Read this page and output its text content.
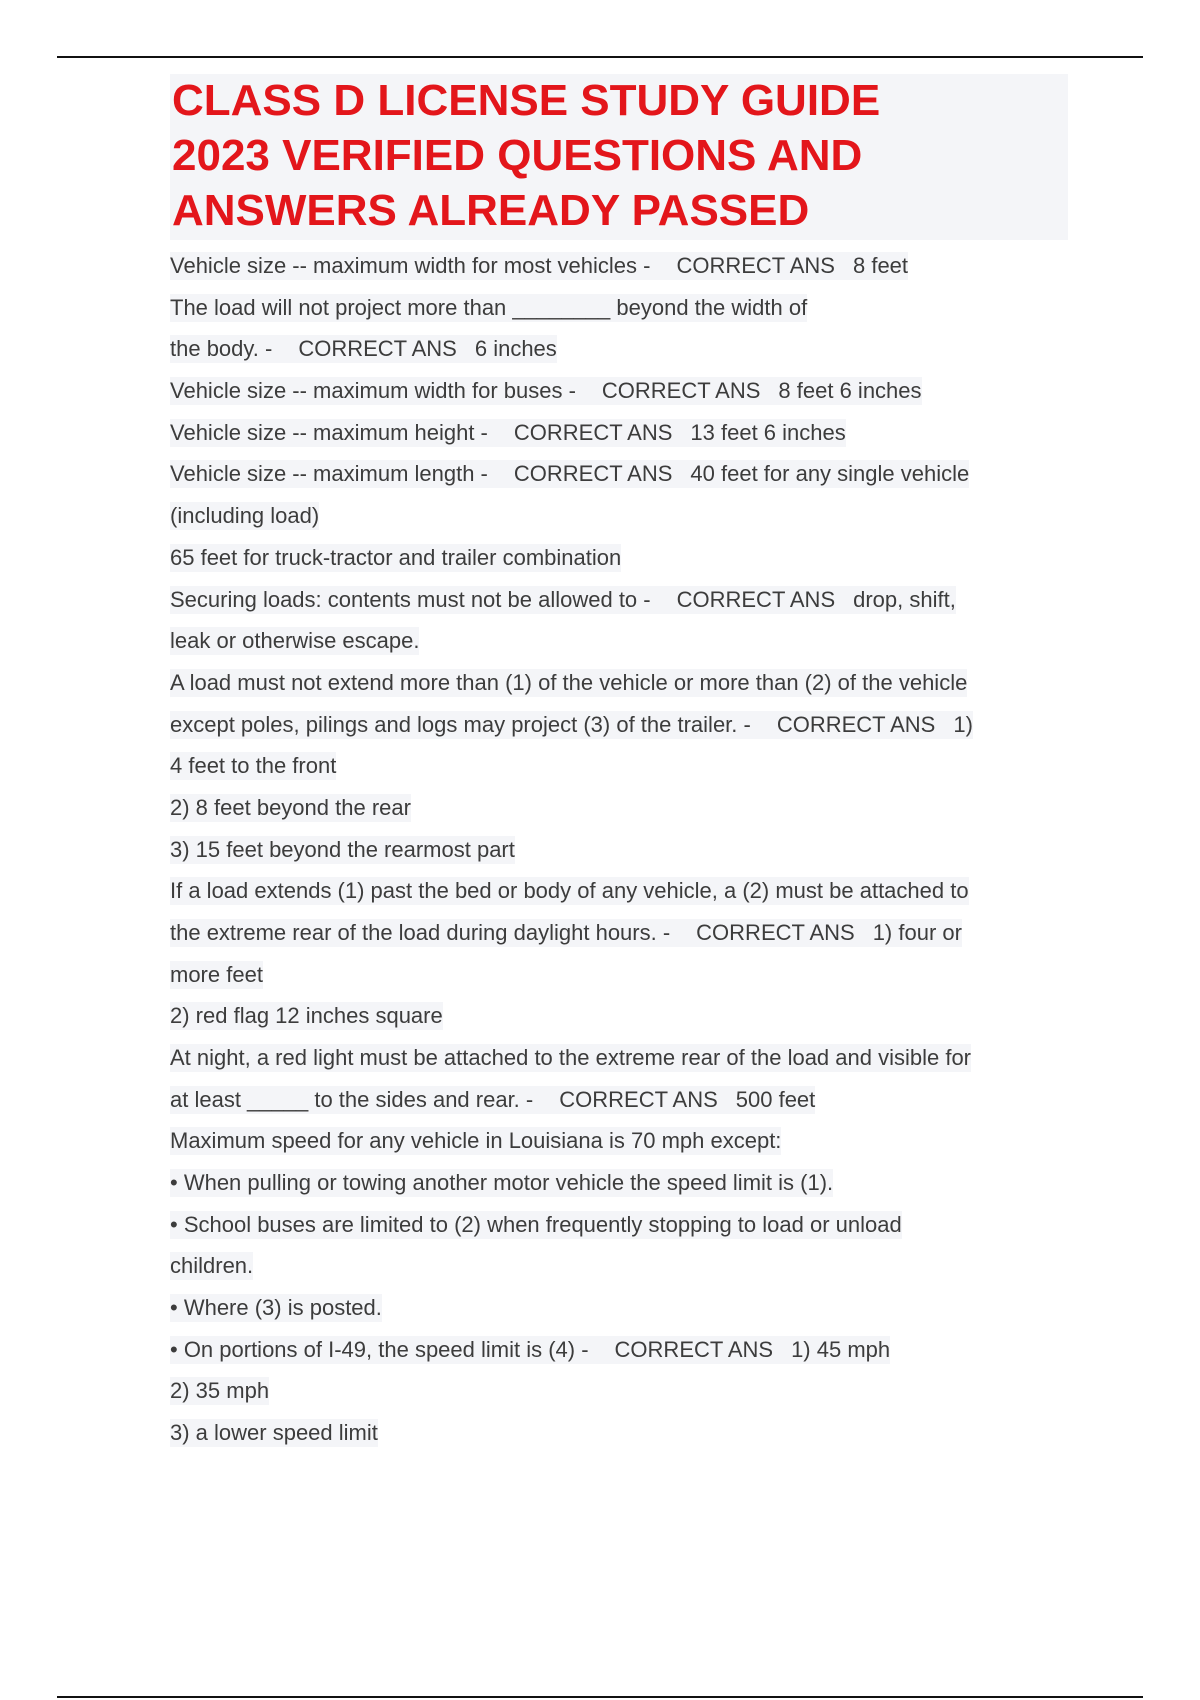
CLASS D LICENSE STUDY GUIDE
2023 VERIFIED QUESTIONS AND
ANSWERS ALREADY PASSED
Vehicle size -- maximum width for most vehicles - CORRECT ANS 8 feet
The load will not project more than ________ beyond the width of
the body. - CORRECT ANS 6 inches
Vehicle size -- maximum width for buses - CORRECT ANS 8 feet 6 inches
Vehicle size -- maximum height - CORRECT ANS 13 feet 6 inches
Vehicle size -- maximum length - CORRECT ANS 40 feet for any single vehicle
(including load)
65 feet for truck-tractor and trailer combination
Securing loads: contents must not be allowed to - CORRECT ANS drop, shift,
leak or otherwise escape.
A load must not extend more than (1) of the vehicle or more than (2) of the vehicle
except poles, pilings and logs may project (3) of the trailer. - CORRECT ANS 1)
4 feet to the front
2) 8 feet beyond the rear
3) 15 feet beyond the rearmost part
If a load extends (1) past the bed or body of any vehicle, a (2) must be attached to
the extreme rear of the load during daylight hours. - CORRECT ANS 1) four or
more feet
2) red flag 12 inches square
At night, a red light must be attached to the extreme rear of the load and visible for
at least _____ to the sides and rear. - CORRECT ANS 500 feet
Maximum speed for any vehicle in Louisiana is 70 mph except:
• When pulling or towing another motor vehicle the speed limit is (1).
• School buses are limited to (2) when frequently stopping to load or unload
children.
• Where (3) is posted.
• On portions of I-49, the speed limit is (4) - CORRECT ANS 1) 45 mph
2) 35 mph
3) a lower speed limit
